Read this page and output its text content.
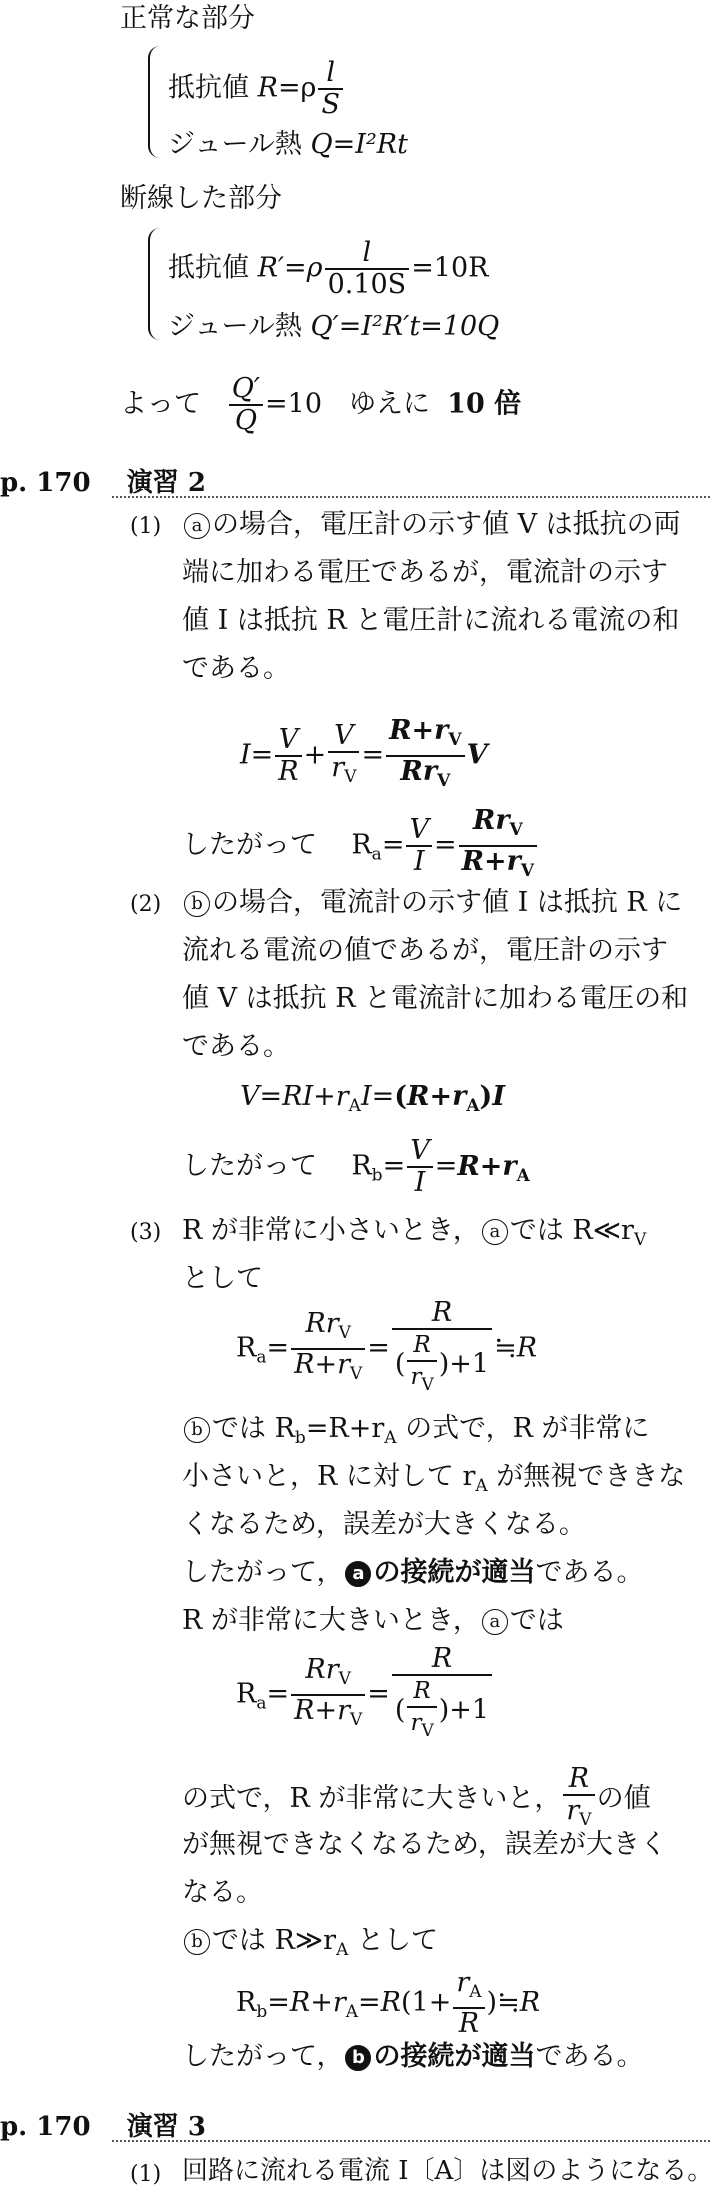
正常な部分
抵抗値 $R=\rho \frac{l}{S}$
ジュール熱 Q=I²Rt
断線した部分
抵抗値 $R'=\rho \frac{l}{0.10S} =10R$
ジュール熱 Q′=I²R′t=10Q
よって $\frac{Q'}{Q} =10$　ゆえに 10 倍
p. 170 演習 2
(1)	a の場合，電圧計の示す値 V は抵抗の両
端に加わる電圧であるが，電流計の示す
値 I は抵抗 R と電圧計に流れる電流の和
である。
$I= \frac{V}{R} + \frac{V}{r_V} = \frac{R+r_V}{Rr_V}$ V
したがって    $R_a= \frac{V}{I} = \frac{Rr_V}{R+r_V}$
(2)	b の場合，電流計の示す値 I は抵抗 R に
流れる電流の値であるが，電圧計の示す
値 V は抵抗 R と電流計に加わる電圧の和
である。
$V=RI+r_AI=(R+r_A)I$
したがって    $R_b= \frac{V}{I} =R+r_A$
(3) R が非常に小さいとき， a では $R≪r_V$
として
$R_a= \frac{Rr_V}{R+r_V} = \frac{R}{( \frac{R}{r_V} )+1}$ ≒R
b では $R_b=R+r_A$ の式で，R が非常に
小さいと，R に対して $r_A$ が無視でききな
くなるため，誤差が大きくなる。
したがって， a の接続が適当である。
R が非常に大きいとき， a では
$R_a= \frac{Rr_V}{R+r_V} = \frac{R}{( \frac{R}{r_V} )+1}$
の式で，R が非常に大きいと， $\frac{R}{r_V}$ の値
が無視できなくなるため，誤差が大きく
なる。
b では $R≫r_A$ として
$R_b=R+r_A=R(1+ \frac{r_A}{R}$ )≒R
したがって， b の接続が適当である。
p. 170 演習 3
(1) 回路に流れる電流 I〔A〕は図のようになる。
